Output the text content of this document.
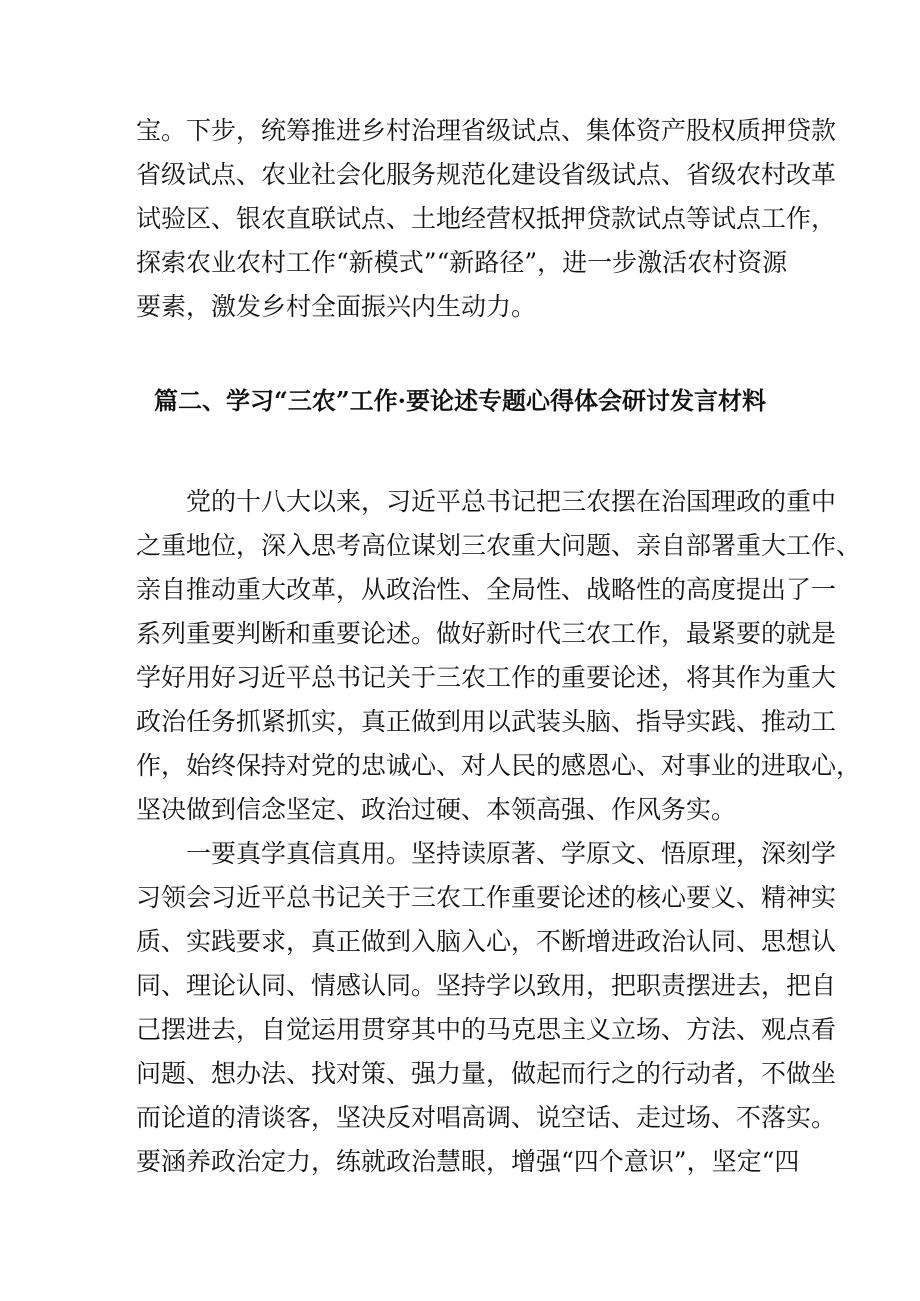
宝。下步，统筹推进乡村治理省级试点、集体资产股权质押贷款
省级试点、农业社会化服务规范化建设省级试点、省级农村改革
试验区、银农直联试点、土地经营权抵押贷款试点等试点工作，
探索农业农村工作“新模式”“新路径”，进一步激活农村资源
要素，激发乡村全面振兴内生动力。
篇二、学习“三农”工作·要论述专题心得体会研讨发言材料
党的十八大以来，习近平总书记把三农摆在治国理政的重中
之重地位，深入思考高位谋划三农重大问题、亲自部署重大工作、
亲自推动重大改革，从政治性、全局性、战略性的高度提出了一
系列重要判断和重要论述。做好新时代三农工作，最紧要的就是
学好用好习近平总书记关于三农工作的重要论述，将其作为重大
政治任务抓紧抓实，真正做到用以武装头脑、指导实践、推动工
作，始终保持对党的忠诚心、对人民的感恩心、对事业的进取心，
坚决做到信念坚定、政治过硬、本领高强、作风务实。
一要真学真信真用。坚持读原著、学原文、悟原理，深刻学
习领会习近平总书记关于三农工作重要论述的核心要义、精神实
质、实践要求，真正做到入脑入心，不断增进政治认同、思想认
同、理论认同、情感认同。坚持学以致用，把职责摆进去，把自
己摆进去，自觉运用贯穿其中的马克思主义立场、方法、观点看
问题、想办法、找对策、强力量，做起而行之的行动者，不做坐
而论道的清谈客，坚决反对唱高调、说空话、走过场、不落实。
要涵养政治定力，练就政治慧眼，增强“四个意识”，坚定“四
